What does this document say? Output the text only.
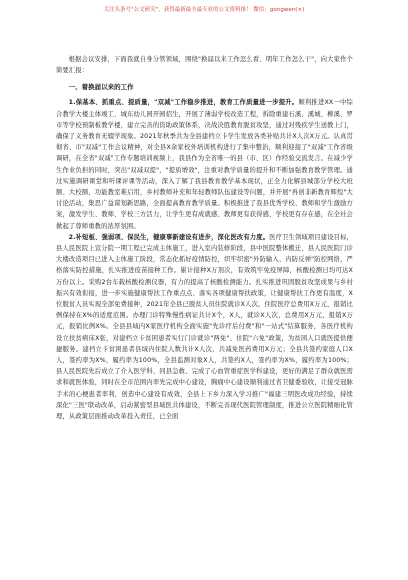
关注头条号"公文研究"，获得最新最全最专业的公文资料推！ 微信：gongwen(×)

根据会议安排，下面我就自身分管领域，围绕"换届以来工作怎么看、明年工作怎么干"，向大家作个简要汇报：

一、着换届以来的工作

1.保基本、抓重点、提质量，"双减"工作稳步推进，教育工作质量进一步提升。顺利推进XX一中综合教学大楼主体竣工、城东幼儿园开园招生，开展了薄弱学校改造工程，拆除重建石溪、溪城、柳溪、罗市等学校预制板教学楼，建立完善的资助政策体系，决战决胜教育脱贫攻坚，通过对残疾学生送教上门，确保了义务教育无辍学现象。2021年秋季共为全县建档立卡学生发放各类补贴共计X人次X万元。认真贯彻省、市"双减"工作会议精神，对全县X余家校外培训机构进行了集中整治，顺利迎接了"双减"工作省级调研，在全省"双减"工作专题培训视频上，我县作为全省唯一的县（市、区）作经验交流发言。在减少学生作业负担的同时，突出"双减双提"、"提质增效"，注重对教学质量的提升和不断加强教育教学管理。通过实施调研课堂和听课评课等活动，深入了解了我县教育教学基本现状，正全力化解县城部分学校大班额、大校额，功能教室难启用，乡村教师补充和年轻教师队伍建设等问题，并开展"再创非新教育辉煌"大讨论活动，集思广益谋划新思路，全面提高教育教学质量。积极推进了我县优秀学校、教师和学生激励方案，激发学生、教师、学校三方活力，让学生更有成就感、教师更有获得感、学校更有存在感，在全社会掀起了尊师重教的浓厚氛围。

2.补短板、强弱项、保民生，健康事新建设有进步，深化医改有力度。医疗卫生领域项目建设目标，县人民医院上宣分院一期工程已完成主体施工，进入室内装修阶段，县中医院整体搬迁、县人民医院门诊大楼改造项目已进入主体施工阶段，常态化抓好疫情防控，织牢织密"外防输入、内防反弹"防控网络，严格落实防控措施，扎实推进疫苗接种工作。累计接种X万剂次，有效筑牢免疫屏障，核酸检测日均可达X万份以上。采购2台车载核酸检测仪器，有力的提高了核酸检测能力。扎实推进巩固脱贫攻坚成果与乡村振兴有效衔接，进一步实施健康帮扶工作重点点、落实各项健康帮扶政策，让健康帮扶工作更有温度，X位脱贫人员实现全部免费接种，2021年全县已脱贫人员住院就诊X人次，住院医疗总费用X万元，报销比例保持在X%的适度范围。办理门诊特殊慢性病证共计X个，X人，就诊X人次，总费用X万元，报销X万元，报销比例X%。全县县域内X家医疗机构全面实施"先诊疗后付费"和"一站式"结算服务，各医疗机构设立扶贫病床X张，对建档立卡贫困患者实行门诊就诊"两免"、住院"六免"政策，为贫困人口就医提供便捷服务。建档立卡贫困患者县域内住院人数共计X人次，共减免医药费用X万元；全县共签约家庭人口X人，签约率为X%，履约率为100%，全县监测对象X人，共签约X人，签约率为X%，履约率为100%；县人民医院先后成立了介入医学科、同县急救、完成了心血管重症医学科建设，更好的满足了群众就医需求和就医体验，同时在全市范围内率先完成中心建设，胸痛中心建设顺利通过省卫健委验收，让接受冠脉手术的心梗患者率利，创造中心建设有成效，全县上下乡力深入学习推广"福建三明医改成功经验，持续深化"三医"联动改革，启动紧密型县域医共体建设，不断完善现代医院管理制度，推进公立医院精细化管理，从政策层面推动改革投入责任，已全面
